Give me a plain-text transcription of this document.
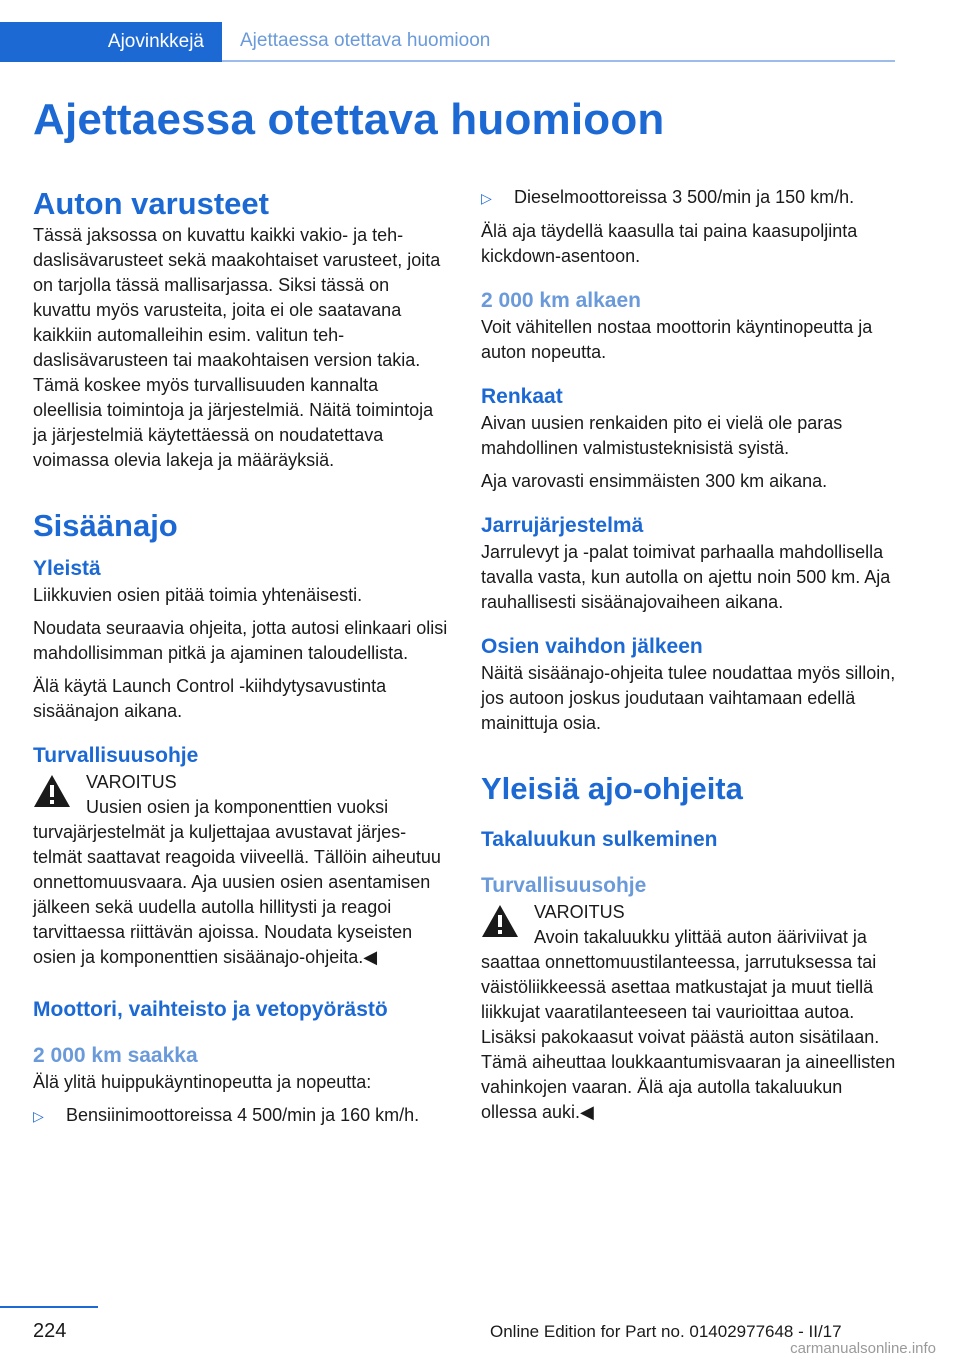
Ajovinkkejä	Ajettaessa otettava huomioon
Ajettaessa otettava huomioon
Auton varusteet

Tässä jaksossa on kuvattu kaikki vakio- ja tehdaslisävarusteet sekä maakohtaiset varusteet, joita on tarjolla tässä mallisarjassa. Siksi tässä on kuvattu myös varusteita, joita ei ole saatavana kaikkiin automalleihin esim. valitun tehdaslisävarusteen tai maakohtaisen version takia. Tämä koskee myös turvallisuuden kannalta oleellisia toimintoja ja järjestelmiä. Näitä toimintoja ja järjestelmiä käytettäessä on noudatettava voimassa olevia lakeja ja määräyksiä.

Sisäänajo
Yleistä

Liikkuvien osien pitää toimia yhtenäisesti.

Noudata seuraavia ohjeita, jotta autosi elinkaari olisi mahdollisimman pitkä ja ajaminen taloudellista.

Älä käytä Launch Control -kiihdytysavustinta sisäänajon aikana.

Turvallisuusohje
VAROITUS
Uusien osien ja komponenttien vuoksi
turvajärjestelmät ja kuljettajaa avustavat järjestelmät saattavat reagoida viiveellä. Tällöin aiheutuu onnettomuusvaara. Aja uusien osien asentamisen jälkeen sekä uudella autolla hillitysti ja reagoi tarvittaessa riittävän ajoissa. Noudata kyseisten osien ja komponenttien sisäänajo-ohjeita.◀
Moottori, vaihteisto ja vetopyörästö
2 000 km saakka

Älä ylitä huippukäyntinopeutta ja nopeutta:

▷	Bensiinimoottoreissa 4 500/min ja 160 km/h.
▷	Dieselmoottoreissa 3 500/min ja 150 km/h.

Älä aja täydellä kaasulla tai paina kaasupoljinta kickdown-asentoon.

2 000 km alkaen

Voit vähitellen nostaa moottorin käyntinopeutta ja auton nopeutta.

Renkaat

Aivan uusien renkaiden pito ei vielä ole paras mahdollinen valmistusteknisistä syistä.

Aja varovasti ensimmäisten 300 km aikana.

Jarrujärjestelmä

Jarrulevyt ja -palat toimivat parhaalla mahdollisella tavalla vasta, kun autolla on ajettu noin 500 km. Aja rauhallisesti sisäänajovaiheen aikana.

Osien vaihdon jälkeen

Näitä sisäänajo-ohjeita tulee noudattaa myös silloin, jos autoon joskus joudutaan vaihtamaan edellä mainittuja osia.

Yleisiä ajo-ohjeita
Takaluukun sulkeminen
Turvallisuusohje
VAROITUS
Avoin takaluukku ylittää auton ääriviivat ja
saattaa onnettomuustilanteessa, jarrutuksessa tai väistöliikkeessä asettaa matkustajat ja muut tiellä liikkujat vaaratilanteeseen tai vaurioittaa autoa. Lisäksi pakokaasut voivat päästä auton sisätilaan. Tämä aiheuttaa loukkaantumisvaaran ja aineellisten vahinkojen vaaran. Älä aja autolla takaluukun ollessa auki.◀
224	Online Edition for Part no. 01402977648 - II/17
carmanualsonline.info
